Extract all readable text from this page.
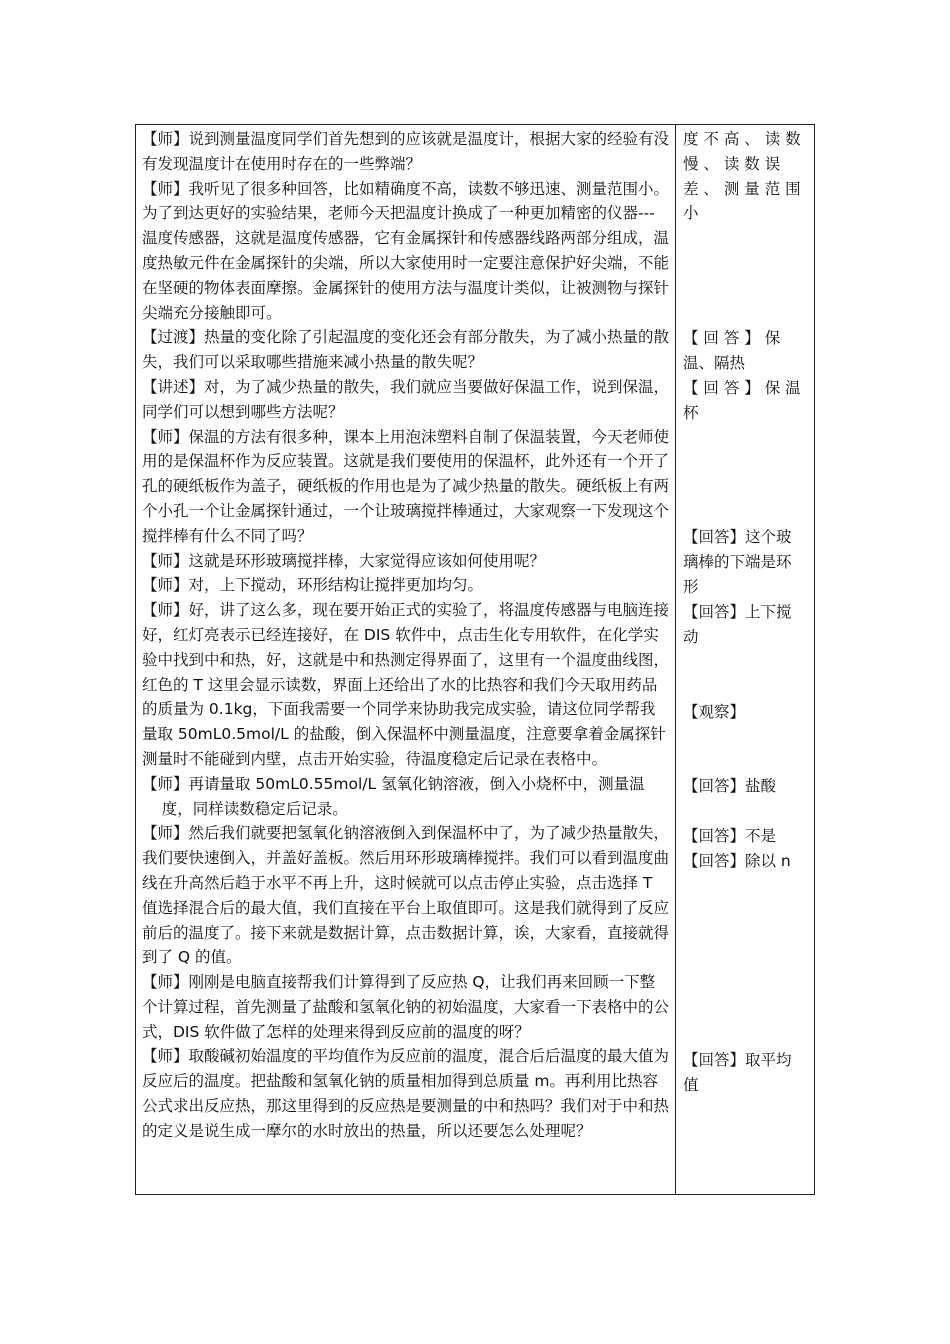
【师】说到测量温度同学们首先想到的应该就是温度计，根据大家的经验有没有发现温度计在使用时存在的一些弊端？
【师】我听见了很多种回答，比如精确度不高，读数不够迅速、测量范围小。为了到达更好的实验结果，老师今天把温度计换成了一种更加精密的仪器---温度传感器，这就是温度传感器，它有金属探针和传感器线路两部分组成，温度热敏元件在金属探针的尖端，所以大家使用时一定要注意保护好尖端，不能在坚硬的物体表面摩擦。金属探针的使用方法与温度计类似，让被测物与探针尖端充分接触即可。
【过渡】热量的变化除了引起温度的变化还会有部分散失，为了减小热量的散失，我们可以采取哪些措施来减小热量的散失呢？
【讲述】对，为了减少热量的散失，我们就应当要做好保温工作，说到保温，同学们可以想到哪些方法呢？
【师】保温的方法有很多种，课本上用泡沫塑料自制了保温装置，今天老师使用的是保温杯作为反应装置。这就是我们要使用的保温杯，此外还有一个开了孔的硬纸板作为盖子，硬纸板的作用也是为了减少热量的散失。硬纸板上有两个小孔一个让金属探针通过，一个让玻璃搅拌棒通过，大家观察一下发现这个搅拌棒有什么不同了吗？
【师】这就是环形玻璃搅拌棒，大家觉得应该如何使用呢？
【师】对，上下搅动，环形结构让搅拌更加均匀。
【师】好，讲了这么多，现在要开始正式的实验了，将温度传感器与电脑连接好，红灯亮表示已经连接好，在 DIS 软件中，点击生化专用软件，在化学实验中找到中和热，好，这就是中和热测定得界面了，这里有一个温度曲线图，红色的 T 这里会显示读数，界面上还给出了水的比热容和我们今天取用药品的质量为 0.1kg，下面我需要一个同学来协助我完成实验，请这位同学帮我量取 50mL0.5mol/L 的盐酸，倒入保温杯中测量温度，注意要拿着金属探针测量时不能碰到内壁，点击开始实验，待温度稳定后记录在表格中。
【师】再请量取 50mL0.55mol/L 氢氧化钠溶液，倒入小烧杯中，测量温
度，同样读数稳定后记录。
【师】然后我们就要把氢氧化钠溶液倒入到保温杯中了，为了减少热量散失，我们要快速倒入，并盖好盖板。然后用环形玻璃棒搅拌。我们可以看到温度曲线在升高然后趋于水平不再上升，这时候就可以点击停止实验，点击选择 T 值选择混合后的最大值，我们直接在平台上取值即可。这是我们就得到了反应前后的温度了。接下来就是数据计算，点击数据计算，诶，大家看，直接就得到了 Q 的值。
【师】刚刚是电脑直接帮我们计算得到了反应热 Q，让我们再来回顾一下整个计算过程，首先测量了盐酸和氢氧化钠的初始温度，大家看一下表格中的公式，DIS 软件做了怎样的处理来得到反应前的温度的呀？
【师】取酸碱初始温度的平均值作为反应前的温度，混合后后温度的最大值为反应后的温度。把盐酸和氢氧化钠的质量相加得到总质量 m。再利用比热容公式求出反应热，那这里得到的反应热是要测量的中和热吗？我们对于中和热的定义是说生成一摩尔的水时放出的热量，所以还要怎么处理呢？
度 不 高 、 读 数
慢 、 读 数 误
差 、 测 量 范 围
小
【 回 答 】 保
温、隔热
【 回 答 】 保 温
杯
【回答】这个玻
璃棒的下端是环
形
【回答】上下搅
动
【观察】
【回答】盐酸
【回答】不是
【回答】除以 n
【回答】取平均
值
